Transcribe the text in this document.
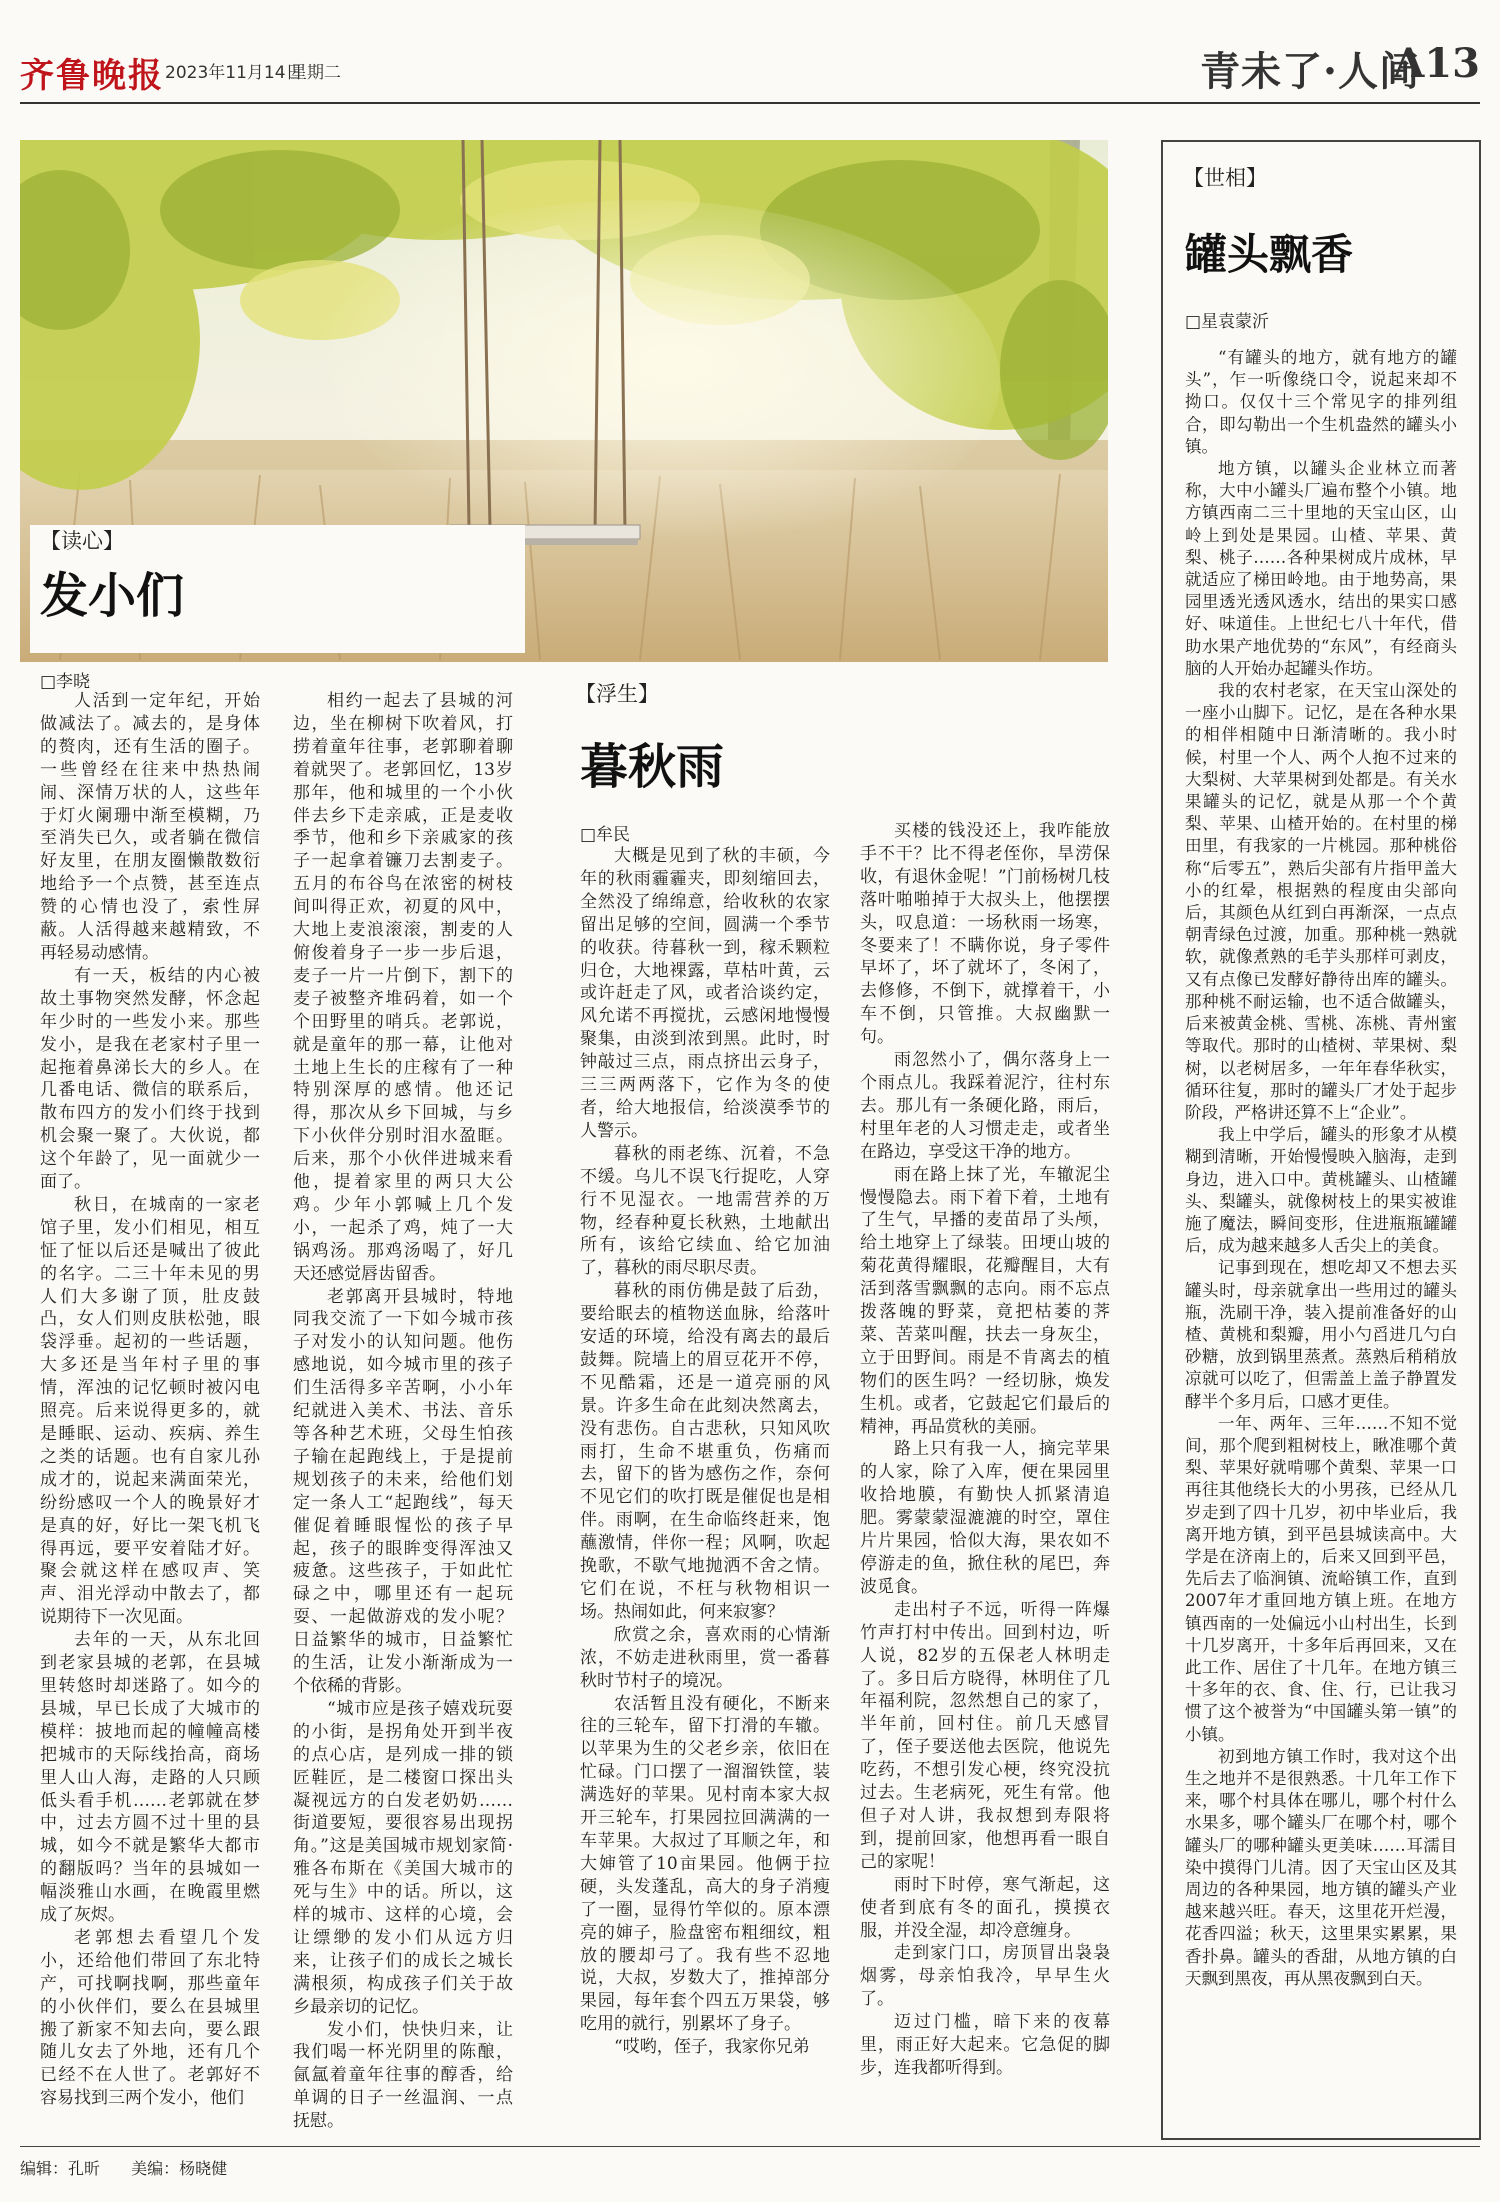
齐鲁晚报 2023年11月14日
星期二	青未了·人间
A13
【读心】
发小们
□李晓

人活到一定年纪，开始做减法了。减去的，是身体的赘肉，还有生活的圈子。一些曾经在往来中热热闹闹、深情万状的人，这些年于灯火阑珊中渐至模糊，乃至消失已久，或者躺在微信好友里，在朋友圈懒散数衍地给予一个点赞，甚至连点赞的心情也没了，索性屏蔽。人活得越来越精致，不再轻易动感情。

有一天，板结的内心被故土事物突然发酵，怀念起年少时的一些发小来。那些发小，是我在老家村子里一起拖着鼻涕长大的乡人。在几番电话、微信的联系后，散布四方的发小们终于找到机会聚一聚了。大伙说，都这个年龄了，见一面就少一面了。

秋日，在城南的一家老馆子里，发小们相见，相互怔了怔以后还是喊出了彼此的名字。二三十年未见的男人们大多谢了顶，肚皮鼓凸，女人们则皮肤松弛，眼袋浮垂。起初的一些话题，大多还是当年村子里的事情，浑浊的记忆顿时被闪电照亮。后来说得更多的，就是睡眠、运动、疾病、养生之类的话题。也有自家儿孙成才的，说起来满面荣光，纷纷感叹一个人的晚景好才是真的好，好比一架飞机飞得再远，要平安着陆才好。聚会就这样在感叹声、笑声、泪光浮动中散去了，都说期待下一次见面。

去年的一天，从东北回到老家县城的老郭，在县城里转悠时却迷路了。如今的县城，早已长成了大城市的模样：披地而起的幢幢高楼把城市的天际线抬高，商场里人山人海，走路的人只顾低头看手机……老郭就在梦中，过去方圆不过十里的县城，如今不就是繁华大都市的翻版吗？当年的县城如一幅淡雅山水画，在晚霞里燃成了灰烬。

老郭想去看望几个发小，还给他们带回了东北特产，可找啊找啊，那些童年的小伙伴们，要么在县城里搬了新家不知去向，要么跟随儿女去了外地，还有几个已经不在人世了。老郭好不容易找到三两个发小，他们

相约一起去了县城的河边，坐在柳树下吹着风，打捞着童年往事，老郭聊着聊着就哭了。老郭回忆，13岁那年，他和城里的一个小伙伴去乡下走亲戚，正是麦收季节，他和乡下亲戚家的孩子一起拿着镰刀去割麦子。五月的布谷鸟在浓密的树枝间叫得正欢，初夏的风中，大地上麦浪滚滚，割麦的人俯俊着身子一步一步后退，麦子一片一片倒下，割下的麦子被整齐堆码着，如一个个田野里的哨兵。老郭说，就是童年的那一幕，让他对土地上生长的庄稼有了一种特别深厚的感情。他还记得，那次从乡下回城，与乡下小伙伴分别时泪水盈眶。后来，那个小伙伴进城来看他，提着家里的两只大公鸡。少年小郭喊上几个发小，一起杀了鸡，炖了一大锅鸡汤。那鸡汤喝了，好几天还感觉唇齿留香。

老郭离开县城时，特地同我交流了一下如今城市孩子对发小的认知问题。他伤感地说，如今城市里的孩子们生活得多辛苦啊，小小年纪就进入美术、书法、音乐等各种艺术班，父母生怕孩子输在起跑线上，于是提前规划孩子的未来，给他们划定一条人工“起跑线”，每天催促着睡眼惺忪的孩子早起，孩子的眼眸变得浑浊又疲惫。这些孩子，于如此忙碌之中，哪里还有一起玩耍、一起做游戏的发小呢？日益繁华的城市，日益繁忙的生活，让发小渐渐成为一个依稀的背影。

“城市应是孩子嬉戏玩耍的小街，是拐角处开到半夜的点心店，是列成一排的锁匠鞋匠，是二楼窗口探出头凝视远方的白发老奶奶……街道要短，要很容易出现拐角。”这是美国城市规划家简·雅各布斯在《美国大城市的死与生》中的话。所以，这样的城市、这样的心境，会让缥缈的发小们从远方归来，让孩子们的成长之城长满根须，构成孩子们关于故乡最亲切的记忆。

发小们，快快归来，让我们喝一杯光阴里的陈酿，氤氲着童年往事的醇香，给单调的日子一丝温润、一点抚慰。

【浮生】
暮秋雨
□牟民

大概是见到了秋的丰硕，今年的秋雨霾霾夹，即刻缩回去，全然没了绵绵意，给收秋的农家留出足够的空间，圆满一个季节的收获。待暮秋一到，稼禾颗粒归仓，大地裸露，草枯叶黄，云或许赶走了风，或者洽谈约定，风允诺不再搅扰，云感闲地慢慢聚集，由淡到浓到黑。此时，时钟敲过三点，雨点挤出云身子，三三两两落下，它作为冬的使者，给大地报信，给淡漠季节的人警示。

暮秋的雨老练、沉着，不急不缓。乌儿不误飞行捉吃，人穿行不见湿衣。一地需营养的万物，经春种夏长秋熟，土地献出所有，该给它续血、给它加油了，暮秋的雨尽职尽责。

暮秋的雨仿佛是鼓了后劲，要给眠去的植物送血脉，给落叶安适的环境，给没有离去的最后鼓舞。院墙上的眉豆花开不停，不见酷霜，还是一道亮丽的风景。许多生命在此刻决然离去，没有悲伤。自古悲秋，只知风吹雨打，生命不堪重负，伤痛而去，留下的皆为感伤之作，奈何不见它们的吹打既是催促也是相伴。雨啊，在生命临终赶来，饱蘸激情，伴你一程；风啊，吹起挽歌，不歇气地抛洒不舍之情。它们在说，不枉与秋物相识一场。热闹如此，何来寂寥？

欣赏之余，喜欢雨的心情渐浓，不妨走进秋雨里，赏一番暮秋时节村子的境况。

农活暂且没有硬化，不断来往的三轮车，留下打滑的车辙。以苹果为生的父老乡亲，依旧在忙碌。门口摆了一溜溜铁筐，装满选好的苹果。见村南本家大叔开三轮车，打果园拉回满满的一车苹果。大叔过了耳顺之年，和大婶管了10亩果园。他俩于拉硬，头发蓬乱，高大的身子消瘦了一圈，显得竹竿似的。原本漂亮的婶子，脸盘密布粗细纹，粗放的腰却弓了。我有些不忍地说，大叔，岁数大了，推掉部分果园，每年套个四五万果袋，够吃用的就行，别累坏了身子。

“哎哟，侄子，我家你兄弟

买楼的钱没还上，我咋能放手不干？比不得老侄你，旱涝保收，有退休金呢！”门前杨树几枝落叶啪啪掉于大叔头上，他摆摆头，叹息道：一场秋雨一场寒，冬要来了！不瞒你说，身子零件早坏了，坏了就坏了，冬闲了，去修修，不倒下，就撑着干，小车不倒，只管推。大叔幽默一句。

雨忽然小了，偶尔落身上一个雨点儿。我踩着泥泞，往村东去。那儿有一条硬化路，雨后，村里年老的人习惯走走，或者坐在路边，享受这干净的地方。

雨在路上抹了光，车辙泥尘慢慢隐去。雨下着下着，土地有了生气，早播的麦苗昂了头颅，给土地穿上了绿装。田埂山坡的菊花黄得耀眼，花瓣醒目，大有活到落雪飘飘的志向。雨不忘点拨落魄的野菜，竟把枯萎的荠菜、苦菜叫醒，扶去一身灰尘，立于田野间。雨是不肯离去的植物们的医生吗？一经切脉，焕发生机。或者，它鼓起它们最后的精神，再品赏秋的美丽。

路上只有我一人，摘完苹果的人家，除了入库，便在果园里收拾地膜，有勤快人抓紧清追肥。雾蒙蒙湿漉漉的时空，罩住片片果园，恰似大海，果农如不停游走的鱼，掀住秋的尾巴，奔波觅食。

走出村子不远，听得一阵爆竹声打村中传出。回到村边，听人说，82岁的五保老人林明走了。多日后方晓得，林明住了几年福利院，忽然想自己的家了，半年前，回村住。前几天感冒了，侄子要送他去医院，他说先吃药，不想引发心梗，终究没抗过去。生老病死，死生有常。他但子对人讲，我叔想到寿限将到，提前回家，他想再看一眼自己的家呢！

雨时下时停，寒气渐起，这使者到底有冬的面孔，摸摸衣服，并没全湿，却冷意缠身。

走到家门口，房顶冒出袅袅烟雾，母亲怕我冷，早早生火了。

迈过门槛，暗下来的夜幕里，雨正好大起来。它急促的脚步，连我都听得到。

【世相】
罐头飘香
□星袁蒙沂

“有罐头的地方，就有地方的罐头”，乍一听像绕口令，说起来却不拗口。仅仅十三个常见字的排列组合，即勾勒出一个生机盎然的罐头小镇。

地方镇，以罐头企业林立而著称，大中小罐头厂遍布整个小镇。地方镇西南二三十里地的天宝山区，山岭上到处是果园。山楂、苹果、黄梨、桃子……各种果树成片成林，早就适应了梯田岭地。由于地势高，果园里透光透风透水，结出的果实口感好、味道佳。上世纪七八十年代，借助水果产地优势的“东风”，有经商头脑的人开始办起罐头作坊。

我的农村老家，在天宝山深处的一座小山脚下。记忆，是在各种水果的相伴相随中日渐清晰的。我小时候，村里一个人、两个人抱不过来的大梨树、大苹果树到处都是。有关水果罐头的记忆，就是从那一个个黄梨、苹果、山楂开始的。在村里的梯田里，有我家的一片桃园。那种桃俗称“后零五”，熟后尖部有片指甲盖大小的红晕，根据熟的程度由尖部向后，其颜色从红到白再渐深，一点点朝青绿色过渡，加重。那种桃一熟就软，就像煮熟的毛芋头那样可剥皮，又有点像已发酵好静待出库的罐头。那种桃不耐运输，也不适合做罐头，后来被黄金桃、雪桃、冻桃、青州蜜等取代。那时的山楂树、苹果树、梨树，以老树居多，一年年春华秋实，循环往复，那时的罐头厂才处于起步阶段，严格讲还算不上“企业”。

我上中学后，罐头的形象才从模糊到清晰，开始慢慢映入脑海，走到身边，进入口中。黄桃罐头、山楂罐头、梨罐头，就像树枝上的果实被谁施了魔法，瞬间变形，住进瓶瓶罐罐后，成为越来越多人舌尖上的美食。

记事到现在，想吃却又不想去买罐头时，母亲就拿出一些用过的罐头瓶，洗刷干净，装入提前准备好的山楂、黄桃和梨瓣，用小勺舀进几勺白砂糖，放到锅里蒸煮。蒸熟后稍稍放凉就可以吃了，但需盖上盖子静置发酵半个多月后，口感才更佳。

一年、两年、三年……不知不觉间，那个爬到粗树枝上，瞅准哪个黄梨、苹果好就啃哪个黄梨、苹果一口再往其他绕长大的小男孩，已经从几岁走到了四十几岁，初中毕业后，我离开地方镇，到平邑县城读高中。大学是在济南上的，后来又回到平邑，先后去了临涧镇、流峪镇工作，直到2007年才重回地方镇上班。在地方镇西南的一处偏远小山村出生，长到十几岁离开，十多年后再回来，又在此工作、居住了十几年。在地方镇三十多年的衣、食、住、行，已让我习惯了这个被誉为“中国罐头第一镇”的小镇。

初到地方镇工作时，我对这个出生之地并不是很熟悉。十几年工作下来，哪个村具体在哪儿，哪个村什么水果多，哪个罐头厂在哪个村，哪个罐头厂的哪种罐头更美味……耳濡目染中摸得门儿清。因了天宝山区及其周边的各种果园，地方镇的罐头产业越来越兴旺。春天，这里花开烂漫，花香四溢；秋天，这里果实累累，果香扑鼻。罐头的香甜，从地方镇的白天飘到黑夜，再从黑夜飘到白天。

编辑：孔昕 美编：杨晓健
